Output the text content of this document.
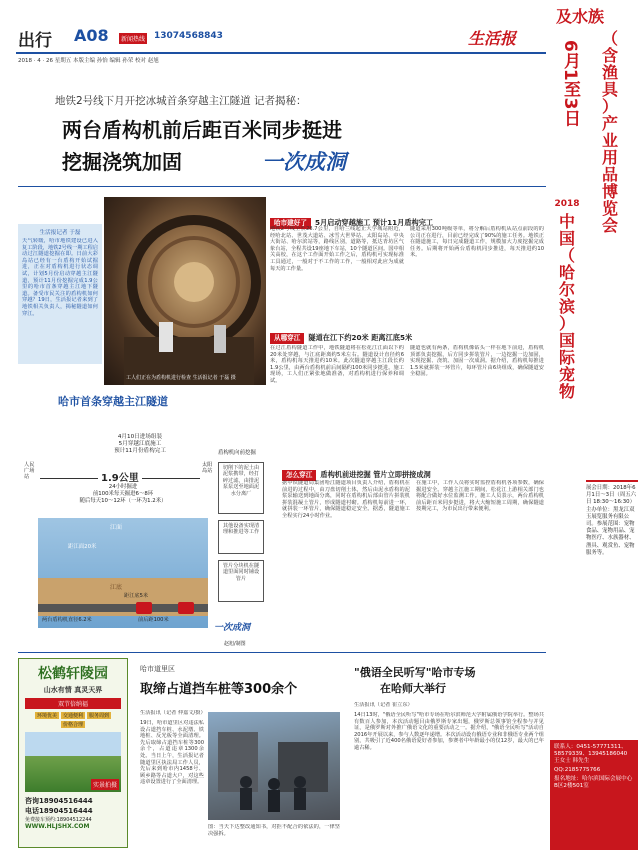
出行 A08	新闻热线 13074568843	生活报
2018 · 4 · 26 星期五 本版主编 孙怡 编辑 孙荣 校对 赵旭
地铁2号线下月开挖冰城首条穿越主江隧道 记者揭秘：
两台盾构机前后距百米同步挺进
挖掘浇筑加固	一次成洞
生活报记者 于磊
天气转暖，哈市地铁建设已进入复工阶段，地铁2号线一期工程启动过江隧道挖掘在即。日前大彩岛站已经有一台盾构开始试掘进，正在对盾构机进行状态调试，计划5月份启动穿越主江隧道，预计11月份挖掘完成1.9公里的哈市首条穿越主江地下隧道。备受市民关注的盾构机如何穿越？19日，生活报记者来到了地铁相关负责人，揭秘隧道如何穿江。
工人们正在为盾构机进行检查 生活报记者 于磊 摄
哈市建好了 5月启动穿越施工 预计11月盾构完工
地铁2号线全长28.7公里，自哈兰线起止大学城站附近，经哈北站、世茂大道站、冰雪大世界站、太阳岛站、中央大街站、哈尔滨站等，路线区别，道路等，抵达青坊区气象台站，全程共设19座地下车站，10个隧道区间。国中相关高校，在这个工作面开始工作之后，盾构机可实现标准工具通过，一般对于不工作的工作，一般相对此应为成就每天的工作量。
隧道采用300吨级等单，将分解后盾构机从站点前段的的公司正在进行，目前已经完成了90%的施工任务。地铁正在隧道施工，每日完成隧道工作，规模加大力度挖掘完成任务。后期将开始两台盾构机同步推进，每天推进约10米。
从哪穿江 隧道在江下约20米 距离江底5米
在过江盾构隧道工作中，地铁隧道将在松花江江面以下约20米处穿越，与江底距离约5米左右。隧道设计直径约6米，盾构机每天推进约10米。此次隧道穿越主江段长约1.9公里，由两台盾构机前后间隔约100米同步挺进。施工现场，工人们正紧张地做准备，对盾构机进行保养和调试。
隧道也就有两条，盾构机像钻头一样在地下前进，盾构机顶部负责挖掘，后方同步拼装管片，一边挖掘一边加固，实现挖掘、浇筑、加固一次成洞。据介绍，盾构机每推进1.5米就拼装一环管片，每环管片由6块组成，确保隧道安全稳固。
哈市首条穿越主江隧道
4月10日进场组装
5月穿越江底施工
预计11月份盾构完工
人民广场站
太阳岛站
1.9公里
24小时掘进
前100米每天掘进6～8环
随后每天10～12环（一环为1.2米）
江面
距江面20米
江底
距江底5米
两台盾构机直径6.2米	前后距100米
盾构机向前挖掘
切削下的泥土由泥浆携带，经打碎过滤，由排泥泵泵送至地面泥水分离厂
其他设备实现清理和推进等工作
管片分块机在隧道里面同时铺设管片
一次成洞
赵旭/制图
怎么穿江 盾构机前进挖掘 管片立即拼接成洞
据中铁隧道局集团哈江隧道项目负责人介绍，盾构机在前进的过程中，由刀盘切削土体，然后由泥水盾构的泥浆泵输送到地面分离，同时在盾构机后部由管片拼装机拼装混凝土管片，形成隧道衬砌。盾构机每前进一环，就拼装一环管片，确保隧道稳定安全。据悉，隧道施工全程实行24小时作业。
在施工中，工作人员将实时监控盾构机各项参数，确保掘进安全。穿越主江施工期间，松花江上游相关部门也将配合做好水位监测工作。施工人员表示，两台盾构机前后距百米同步挺进，将大大缩短施工周期，确保隧道按期完工，为市民出行带来便利。
松鹤轩陵园
山水有情 真灵天界
双节倍纳福
环境优美	交通便利	服务周到
价格合理
实景拍摄
咨询18904516444
电话18904516444
免费接车预约:18904512244
WWW.HLJSHX.COM
哈市道里区
取缔占道挡车桩等300余个
生活报讯（记者 仲嘉文/摄）
19日，哈市道里区对违法私设占道挡车桩、水泥墩、铁地桩、反光板等全面清理。先后取缔占道挡车桩等300余个，占道违章1300余处。当日上午，生活报记者随道里区执法局工作人员，先后来到哈市内1458号、顾乡路等占道大户，对这些违章设置进行了全面清理。
图：当天下达整改通知书，对拒不配合的依法的，一律坚决强拆。
"俄语全民听写"哈市专场
在哈师大举行
生活报讯（记者 崔立东）
14日13时，"俄语全民听写"哈市专场在哈尔滨师范大学附属俄语学院举行。整场共有数百人参加，本次活动题目由俄罗斯专家出题，俄罗斯总领事馆全程参与并见证，是俄罗斯对外推广俄语文化的重要活动之一。据介绍，"俄语全民听写"活动自2016年开展以来，参与人数逐年递增。本次活动设有俄语专业和非俄语专业两个组别，共吸引了近400名俄语爱好者参加，参赛者中年龄最小的仅12岁，最大的已年逾古稀。
及水族
6月1至3日
（
含
渔
具
）
产
业
用
品
博
览
会
2018
中
国
（
哈
尔
滨
）
国
际
宠
物
展会日期：2018年6月1日～3日（周五六日 18:30～16:30）主办单位：黑龙江双玉展览服务有限公司。参展范围：宠物食品、宠物用品、宠物医疗、水族器材、渔具、观赏鱼、宠物服务等。
联系人：0451-57771311、58579339、13945186040 王女士 韩先生
QQ:2185775766
报名地址：哈尔滨国际会展中心B区2楼501室
